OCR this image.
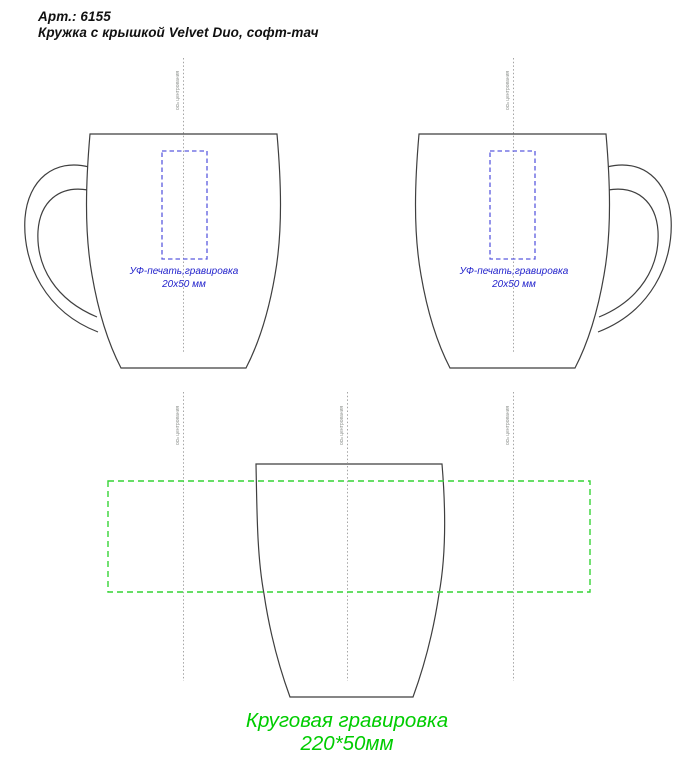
Арт.: 6155
Кружка с крышкой Velvet Duo, софт-тач
ось центрования	ось центрования
ось центрования	ось центрования	ось центрования
УФ-печать,гравировка
20x50 мм
УФ-печать,гравировка
20x50 мм
Круговая гравировка
220*50мм
